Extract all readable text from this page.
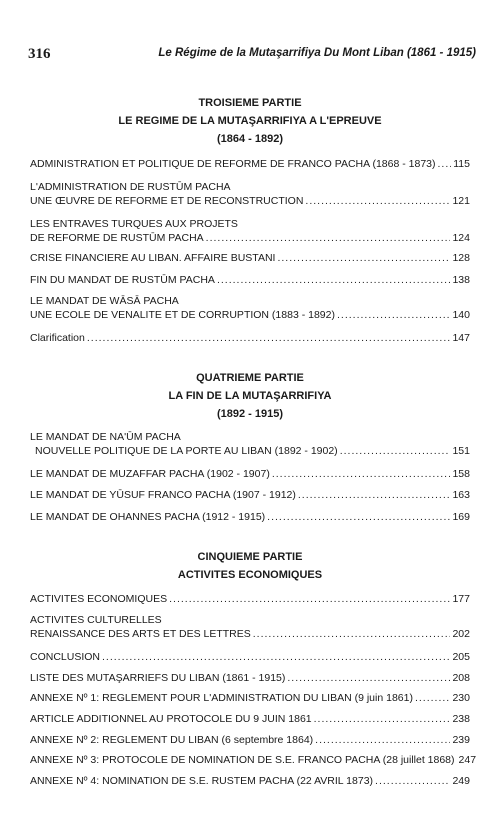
316	Le Régime de la Mutaşarrifiya Du Mont Liban (1861 - 1915)
TROISIEME PARTIE
LE REGIME DE LA MUTAŞARRIFIYA A L'EPREUVE
(1864 - 1892)
ADMINISTRATION ET POLITIQUE DE REFORME DE FRANCO PACHA (1868 - 1873) ..... 115
L'ADMINISTRATION DE RUSTŪM PACHA
UNE ŒUVRE DE REFORME ET DE RECONSTRUCTION .....	121
LES ENTRAVES TURQUES AUX PROJETS
DE REFORME DE RUSTŪM PACHA .....	124
CRISE FINANCIERE AU LIBAN. AFFAIRE BUSTANI .....	128
FIN DU MANDAT DE RUSTŪM PACHA .....	138
LE MANDAT DE WĀSĀ PACHA
UNE ECOLE DE VENALITE ET DE CORRUPTION (1883 - 1892) .....	140
Clarification .....	147
QUATRIEME PARTIE
LA FIN DE LA MUTAŞARRIFIYA
(1892 - 1915)
LE MANDAT DE NA'ŪM PACHA
NOUVELLE POLITIQUE DE LA PORTE AU LIBAN (1892 - 1902) .....	151
LE MANDAT DE MUZAFFAR PACHA (1902 - 1907) .....	158
LE MANDAT DE YŪSUF FRANCO PACHA (1907 - 1912) .....	163
LE MANDAT DE OHANNES PACHA (1912 - 1915) .....	169
CINQUIEME PARTIE
ACTIVITES ECONOMIQUES
ACTIVITES ECONOMIQUES .....	177
ACTIVITES CULTURELLES
RENAISSANCE DES ARTS ET DES LETTRES .....	202
CONCLUSION .....	205
LISTE DES MUTAŞARRIEFS DU LIBAN (1861 - 1915) .....	208
ANNEXE Nº 1: REGLEMENT POUR L'ADMINISTRATION DU LIBAN (9 juin 1861) .....	230
ARTICLE ADDITIONNEL AU PROTOCOLE DU 9 JUIN 1861 .....	238
ANNEXE Nº 2: REGLEMENT DU LIBAN (6 septembre 1864) .....	239
ANNEXE Nº 3: PROTOCOLE DE NOMINATION DE S.E. FRANCO PACHA (28 juillet 1868) 247
ANNEXE Nº 4: NOMINATION DE S.E. RUSTEM PACHA (22 AVRIL 1873) .....	249
